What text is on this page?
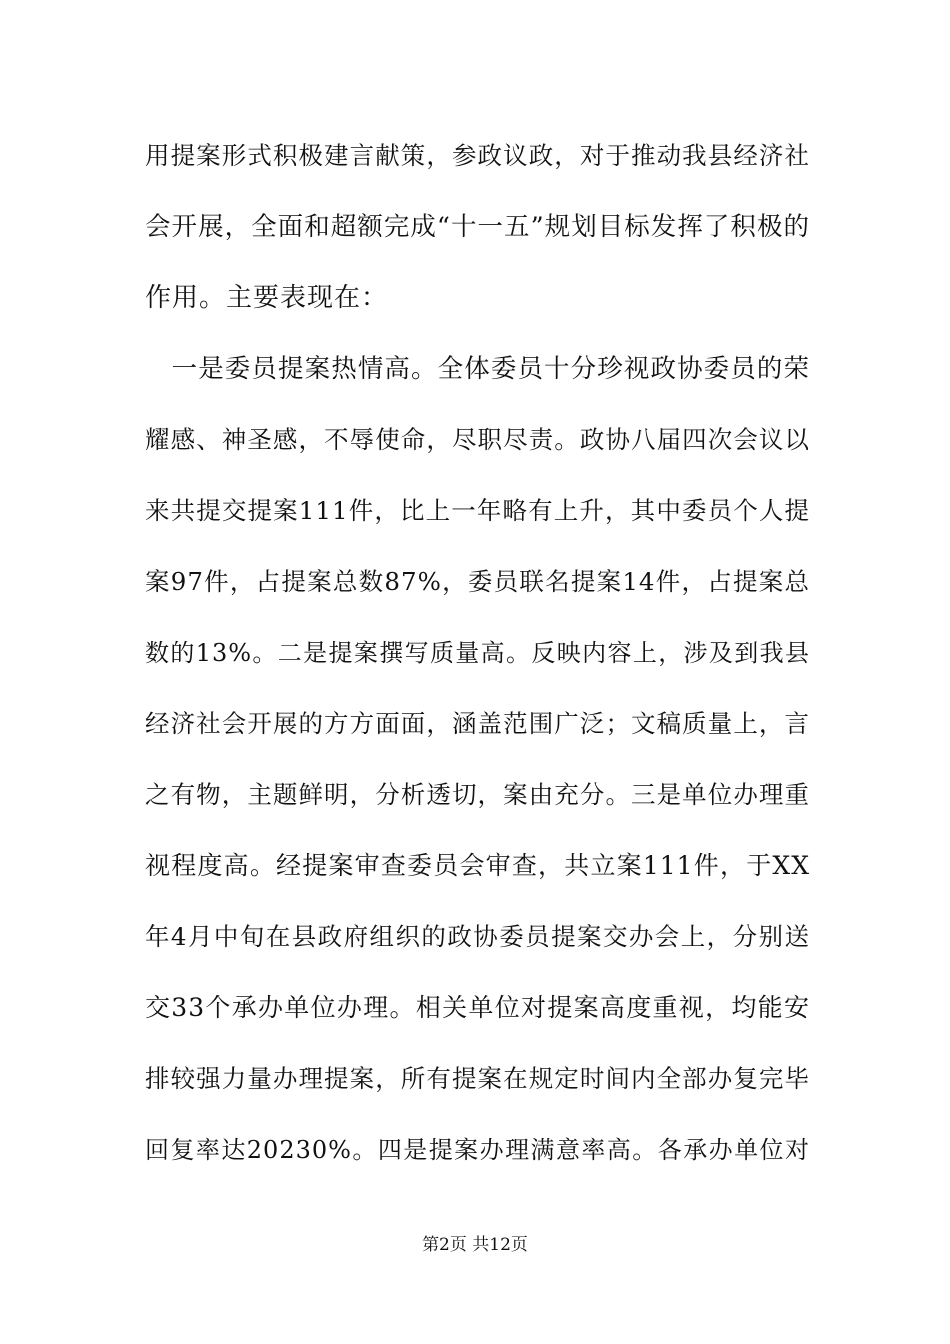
用提案形式积极建言献策，参政议政，对于推动我县经济社
会开展，全面和超额完成“十一五”规划目标发挥了积极的
作用。主要表现在：
　一是委员提案热情高。全体委员十分珍视政协委员的荣
耀感、神圣感，不辱使命，尽职尽责。政协八届四次会议以
来共提交提案111件，比上一年略有上升，其中委员个人提
案97件，占提案总数87%，委员联名提案14件，占提案总
数的13%。二是提案撰写质量高。反映内容上，涉及到我县
经济社会开展的方方面面，涵盖范围广泛；文稿质量上，言
之有物，主题鲜明，分析透切，案由充分。三是单位办理重
视程度高。经提案审查委员会审查，共立案111件，于XX
年4月中旬在县政府组织的政协委员提案交办会上，分别送
交33个承办单位办理。相关单位对提案高度重视，均能安
排较强力量办理提案，所有提案在规定时间内全部办复完毕
回复率达20230%。四是提案办理满意率高。各承办单位对
第2页 共12页
